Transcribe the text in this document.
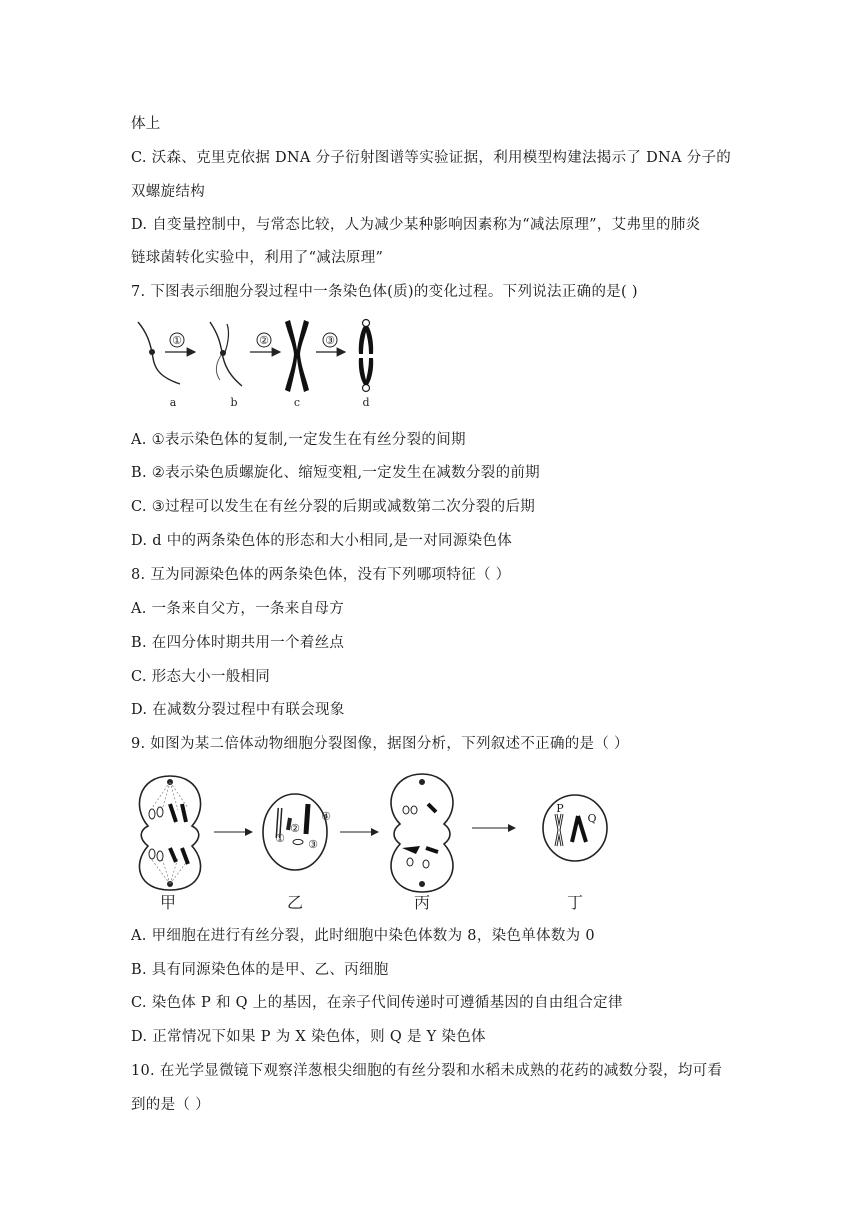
体上
C. 沃森、克里克依据 DNA 分子衍射图谱等实验证据，利用模型构建法揭示了 DNA 分子的
双螺旋结构
D. 自变量控制中，与常态比较，人为减少某种影响因素称为“减法原理”，艾弗里的肺炎
链球菌转化实验中，利用了“减法原理”
7. 下图表示细胞分裂过程中一条染色体(质)的变化过程。下列说法正确的是( )
①	②	③
a	b	c	d
A. ①表示染色体的复制,一定发生在有丝分裂的间期
B. ②表示染色质螺旋化、缩短变粗,一定发生在减数分裂的前期
C. ③过程可以发生在有丝分裂的后期或减数第二次分裂的后期
D. d 中的两条染色体的形态和大小相同,是一对同源染色体
8. 互为同源染色体的两条染色体，没有下列哪项特征（ ）
A. 一条来自父方，一条来自母方
B. 在四分体时期共用一个着丝点
C. 形态大小一般相同
D. 在减数分裂过程中有联会现象
9. 如图为某二倍体动物细胞分裂图像，据图分析，下列叙述不正确的是（ ）
①
②
③
④
P
Q
甲	乙	丙	丁
A. 甲细胞在进行有丝分裂，此时细胞中染色体数为 8，染色单体数为 0
B. 具有同源染色体的是甲、乙、丙细胞
C. 染色体 P 和 Q 上的基因，在亲子代间传递时可遵循基因的自由组合定律
D. 正常情况下如果 P 为 X 染色体，则 Q 是 Y 染色体
10. 在光学显微镜下观察洋葱根尖细胞的有丝分裂和水稻未成熟的花药的减数分裂，均可看
到的是（ ）
